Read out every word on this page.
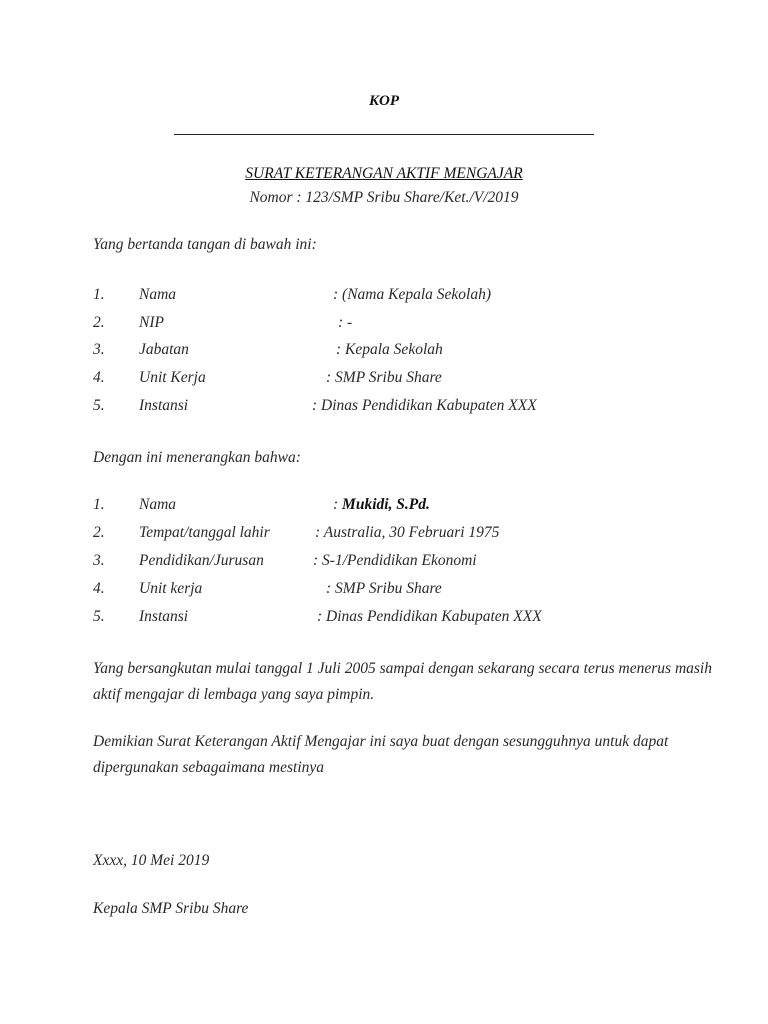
KOP
SURAT KETERANGAN AKTIF MENGAJAR
Nomor : 123/SMP Sribu Share/Ket./V/2019
Yang bertanda tangan di bawah ini:
1. Nama	: (Nama Kepala Sekolah)
2. NIP	: -
3. Jabatan	: Kepala Sekolah
4. Unit Kerja	: SMP Sribu Share
5. Instansi	: Dinas Pendidikan Kabupaten XXX
Dengan ini menerangkan bahwa:
1. Nama	: Mukidi, S.Pd.
2. Tempat/tanggal lahir	: Australia, 30 Februari 1975
3. Pendidikan/Jurusan	: S-1/Pendidikan Ekonomi
4. Unit kerja	: SMP Sribu Share
5. Instansi	: Dinas Pendidikan Kabupaten XXX
Yang bersangkutan mulai tanggal 1 Juli 2005 sampai dengan sekarang secara terus menerus masih aktif mengajar di lembaga yang saya pimpin.
Demikian Surat Keterangan Aktif Mengajar ini saya buat dengan sesungguhnya untuk dapat dipergunakan sebagaimana mestinya
Xxxx, 10 Mei 2019
Kepala SMP Sribu Share
